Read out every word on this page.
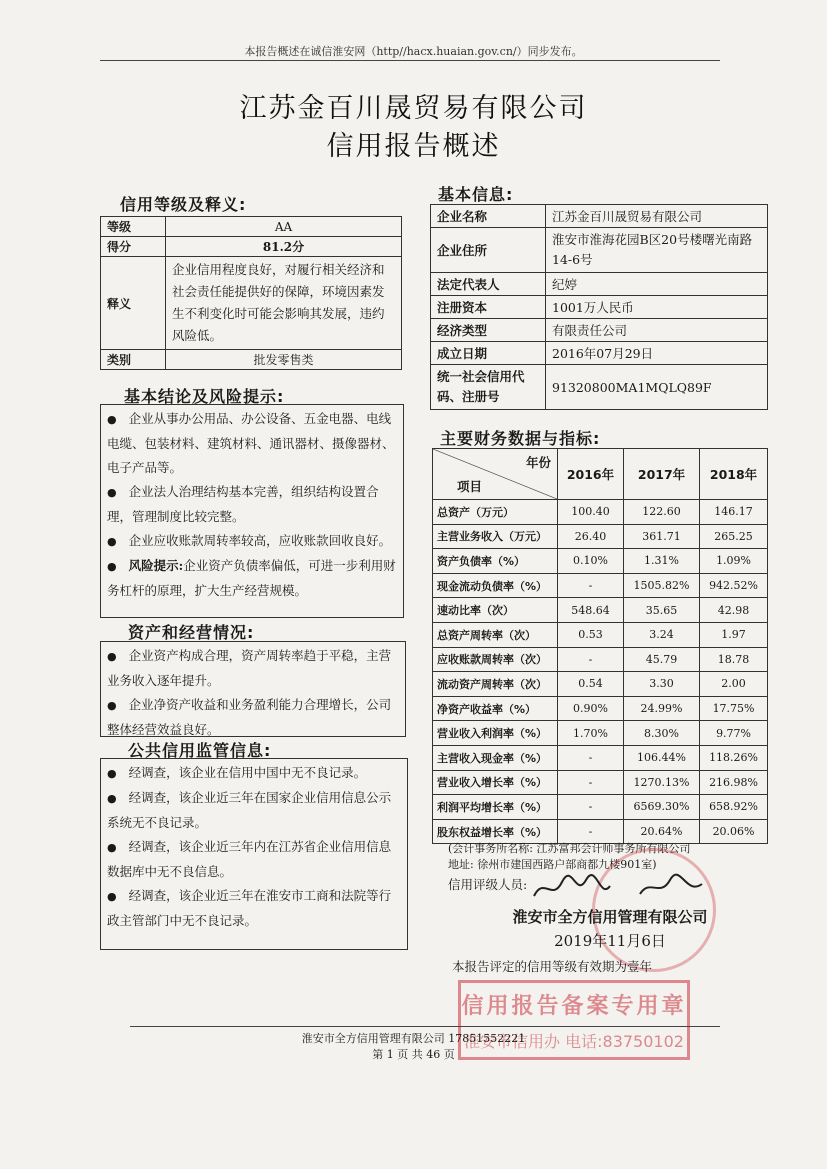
本报告概述在诚信淮安网（http//hacx.huaian.gov.cn/）同步发布。
江苏金百川晟贸易有限公司
信用报告概述
信用等级及释义:
等级	AA
得分	81.2分
释义	企业信用程度良好，对履行相关经济和社会责任能提供好的保障，环境因素发生不利变化时可能会影响其发展，违约风险低。
类别	批发零售类
基本结论及风险提示:

● 企业从事办公用品、办公设备、五金电器、电线电缆、包装材料、建筑材料、通讯器材、摄像器材、电子产品等。

● 企业法人治理结构基本完善，组织结构设置合理，管理制度比较完整。

● 企业应收账款周转率较高，应收账款回收良好。

● 风险提示:企业资产负债率偏低，可进一步利用财务杠杆的原理，扩大生产经营规模。

资产和经营情况:

● 企业资产构成合理，资产周转率趋于平稳，主营业务收入逐年提升。

● 企业净资产收益和业务盈利能力合理增长，公司整体经营效益良好。

公共信用监管信息:

● 经调查，该企业在信用中国中无不良记录。

● 经调查，该企业近三年在国家企业信用信息公示系统无不良记录。

● 经调查，该企业近三年内在江苏省企业信用信息数据库中无不良信息。

● 经调查，该企业近三年在淮安市工商和法院等行政主管部门中无不良记录。

基本信息:
企业名称	江苏金百川晟贸易有限公司
企业住所	淮安市淮海花园B区20号楼曙光南路14-6号
法定代表人	纪婷
注册资本	1001万人民币
经济类型	有限责任公司
成立日期	2016年07月29日
统一社会信用代码、注册号	91320800MA1MQLQ89F
主要财务数据与指标:
年份
项目	2016年	2017年	2018年
总资产（万元）	100.40	122.60	146.17
主营业务收入（万元）	26.40	361.71	265.25
资产负债率（%）	0.10%	1.31%	1.09%
现金流动负债率（%）	-	1505.82%	942.52%
速动比率（次）	548.64	35.65	42.98
总资产周转率（次）	0.53	3.24	1.97
应收账款周转率（次）	-	45.79	18.78
流动资产周转率（次）	0.54	3.30	2.00
净资产收益率（%）	0.90%	24.99%	17.75%
营业收入利润率（%）	1.70%	8.30%	9.77%
主营收入现金率（%）	-	106.44%	118.26%
营业收入增长率（%）	-	1270.13%	216.98%
利润平均增长率（%）	-	6569.30%	658.92%
股东权益增长率（%）	-	20.64%	20.06%
(会计事务所名称: 江苏富邦会计师事务所有限公司
地址: 徐州市建国西路户部商都九楼901室)
信用评级人员:
淮安市全方信用管理有限公司
2019年11月6日
本报告评定的信用等级有效期为壹年
信用报告备案专用章
淮安市信用办 电话:83750102
淮安市全方信用管理有限公司 17851552221
第 1 页 共 46 页
